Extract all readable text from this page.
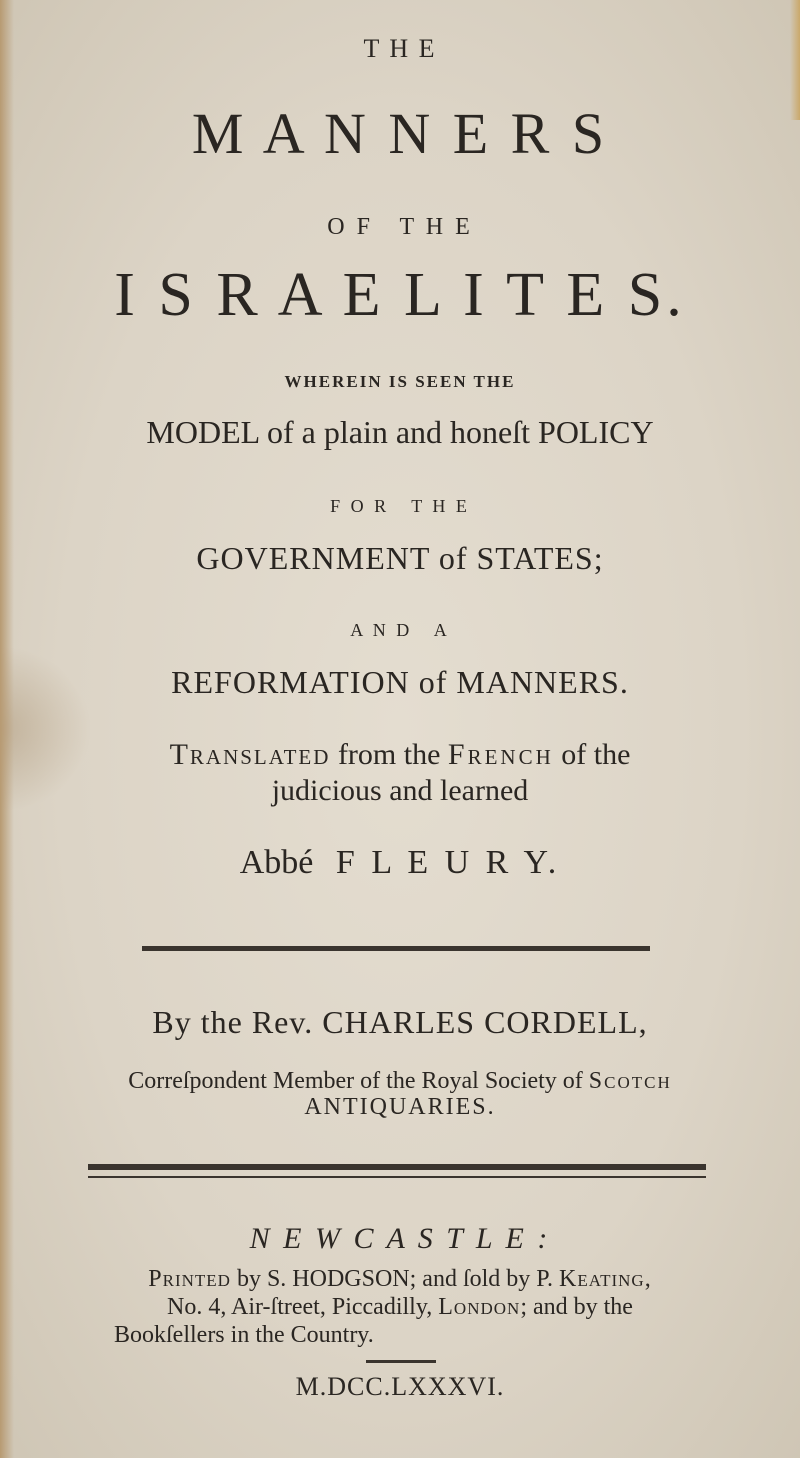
T H E
M A N N E R S
O F   T H E
I S R A E L I T E S.
WHEREIN IS SEEN THE
MODEL of a plain and honeſt POLICY
F O R   T H E
GOVERNMENT of STATES;
A N D   A
REFORMATION of MANNERS.
Translated from the French of the
judicious and learned
Abbé F L E U R Y.
By the Rev. CHARLES CORDELL,
Correſpondent Member of the Royal Society of Scotch
ANTIQUARIES.
N E W C A S T L E :
Printed by S. HODGSON; and ſold by P. Keating,
No. 4, Air-ſtreet, Piccadilly, London; and by the
Bookſellers in the Country.
M.DCC.LXXXVI.
